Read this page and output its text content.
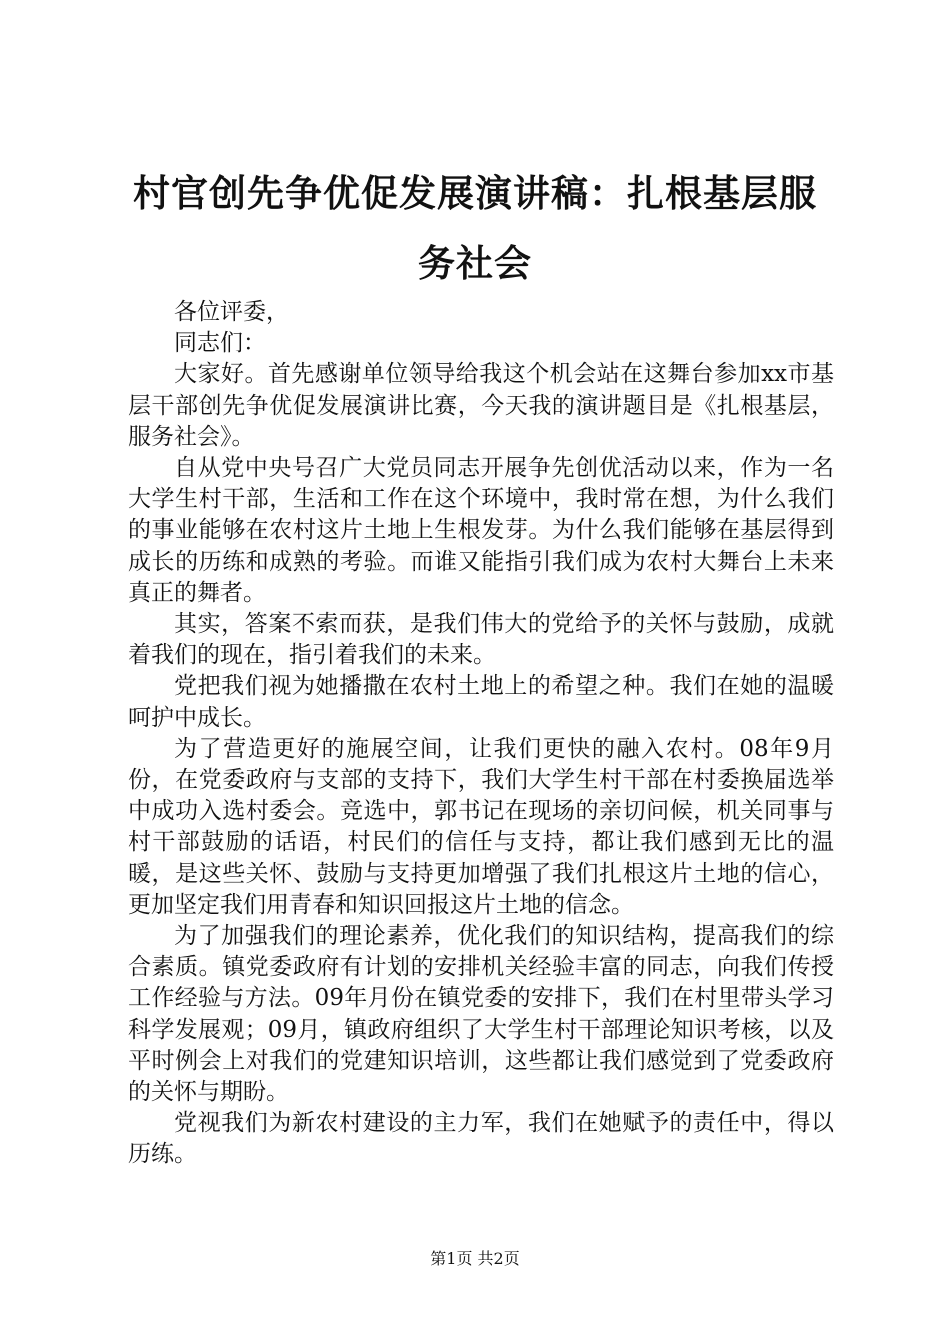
村官创先争优促发展演讲稿：扎根基层服务社会

各位评委，

同志们：

大家好。首先感谢单位领导给我这个机会站在这舞台参加xx市基层干部创先争优促发展演讲比赛，今天我的演讲题目是《扎根基层，服务社会》。

自从党中央号召广大党员同志开展争先创优活动以来，作为一名大学生村干部，生活和工作在这个环境中，我时常在想，为什么我们的事业能够在农村这片土地上生根发芽。为什么我们能够在基层得到成长的历练和成熟的考验。而谁又能指引我们成为农村大舞台上未来真正的舞者。

其实，答案不索而获，是我们伟大的党给予的关怀与鼓励，成就着我们的现在，指引着我们的未来。

党把我们视为她播撒在农村土地上的希望之种。我们在她的温暖呵护中成长。

为了营造更好的施展空间，让我们更快的融入农村。08年9月份，在党委政府与支部的支持下，我们大学生村干部在村委换届选举中成功入选村委会。竞选中，郭书记在现场的亲切问候，机关同事与村干部鼓励的话语，村民们的信任与支持，都让我们感到无比的温暖，是这些关怀、鼓励与支持更加增强了我们扎根这片土地的信心，更加坚定我们用青春和知识回报这片土地的信念。

为了加强我们的理论素养，优化我们的知识结构，提高我们的综合素质。镇党委政府有计划的安排机关经验丰富的同志，向我们传授工作经验与方法。09年月份在镇党委的安排下，我们在村里带头学习科学发展观；09月，镇政府组织了大学生村干部理论知识考核，以及平时例会上对我们的党建知识培训，这些都让我们感觉到了党委政府的关怀与期盼。

党视我们为新农村建设的主力军，我们在她赋予的责任中，得以历练。

第1页 共2页
